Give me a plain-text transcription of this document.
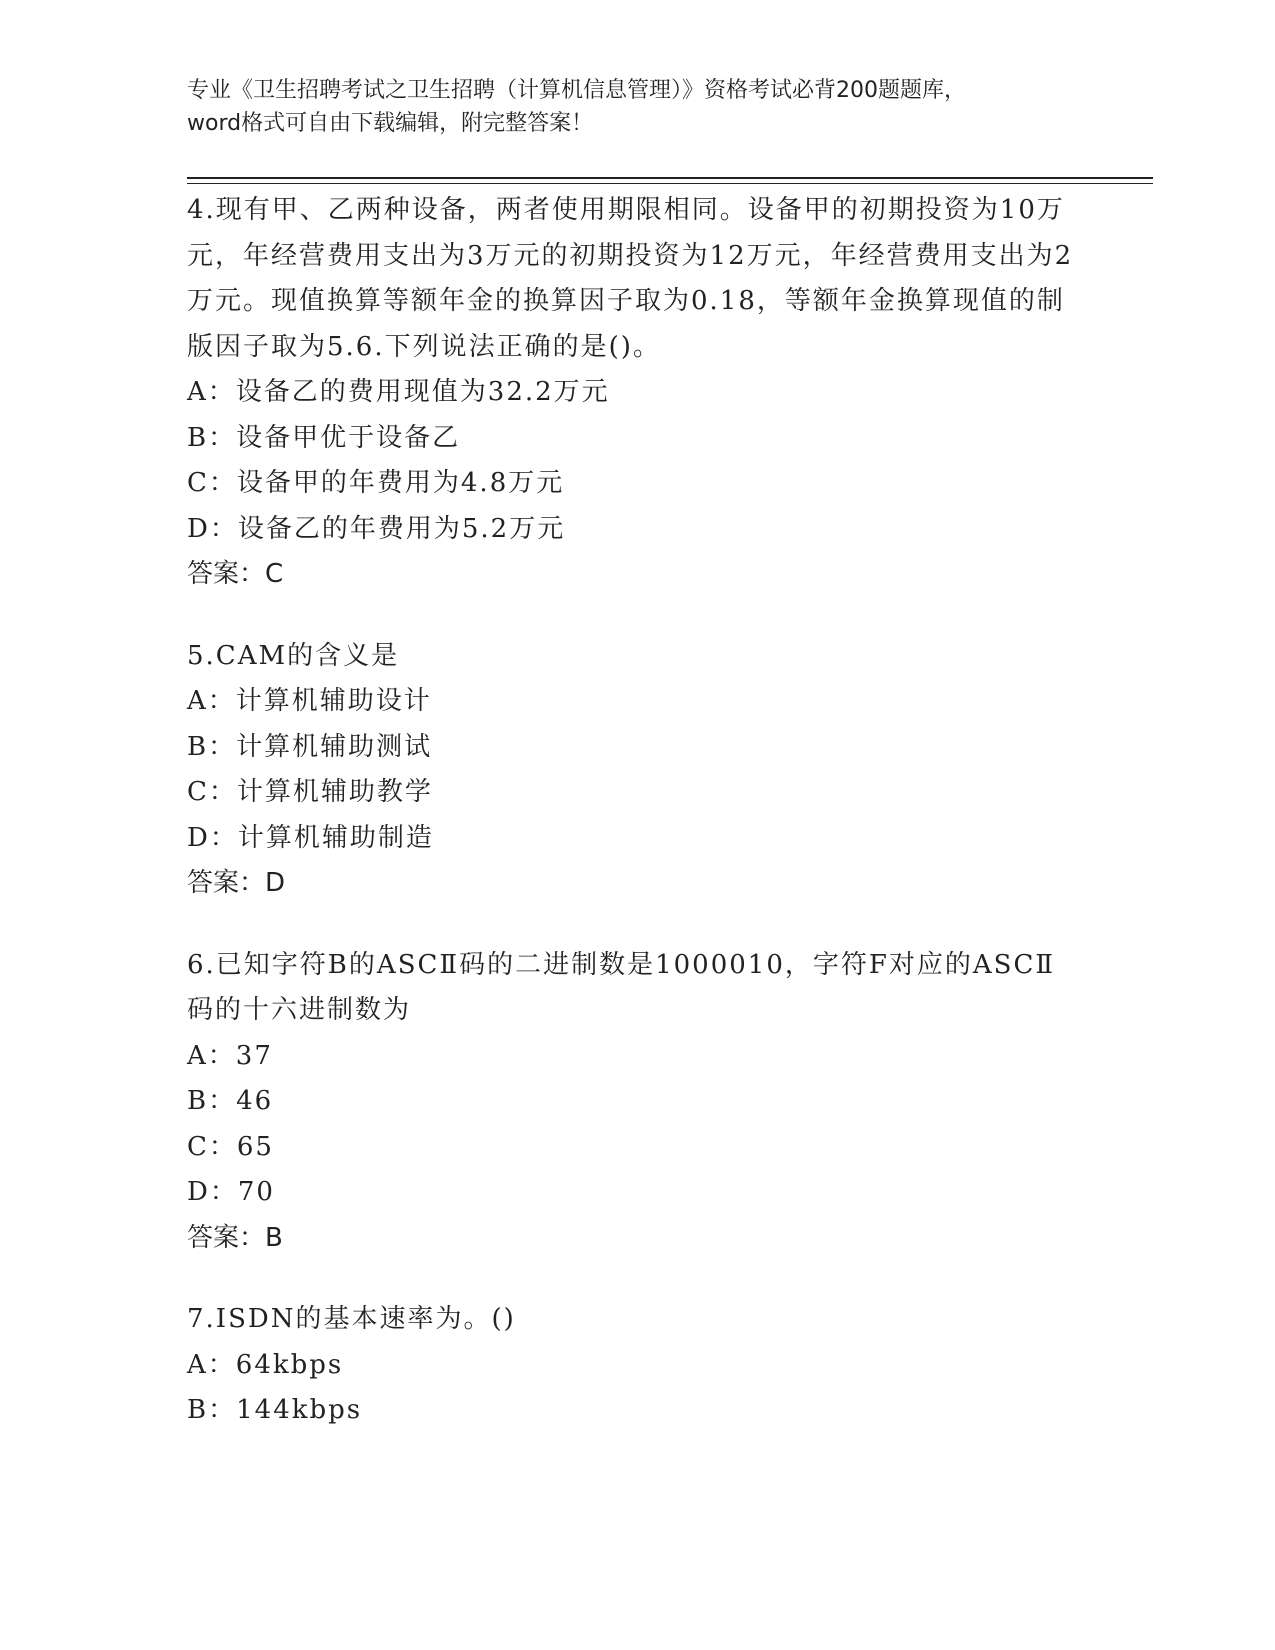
专业《卫生招聘考试之卫生招聘（计算机信息管理）》资格考试必背200题题库，
word格式可自由下载编辑，附完整答案！
4.现有甲、乙两种设备，两者使用期限相同。设备甲的初期投资为10万元，年经营费用支出为3万元的初期投资为12万元，年经营费用支出为2万元。现值换算等额年金的换算因子取为0.18，等额年金换算现值的制版因子取为5.6.下列说法正确的是()。
A：设备乙的费用现值为32.2万元
B：设备甲优于设备乙
C：设备甲的年费用为4.8万元
D：设备乙的年费用为5.2万元
答案：C
5.CAM的含义是
A：计算机辅助设计
B：计算机辅助测试
C：计算机辅助教学
D：计算机辅助制造
答案：D
6.已知字符B的ASCⅡ码的二进制数是1000010，字符F对应的ASCⅡ码的十六进制数为
A：37
B：46
C：65
D：70
答案：B
7.ISDN的基本速率为。()
A：64kbps
B：144kbps
